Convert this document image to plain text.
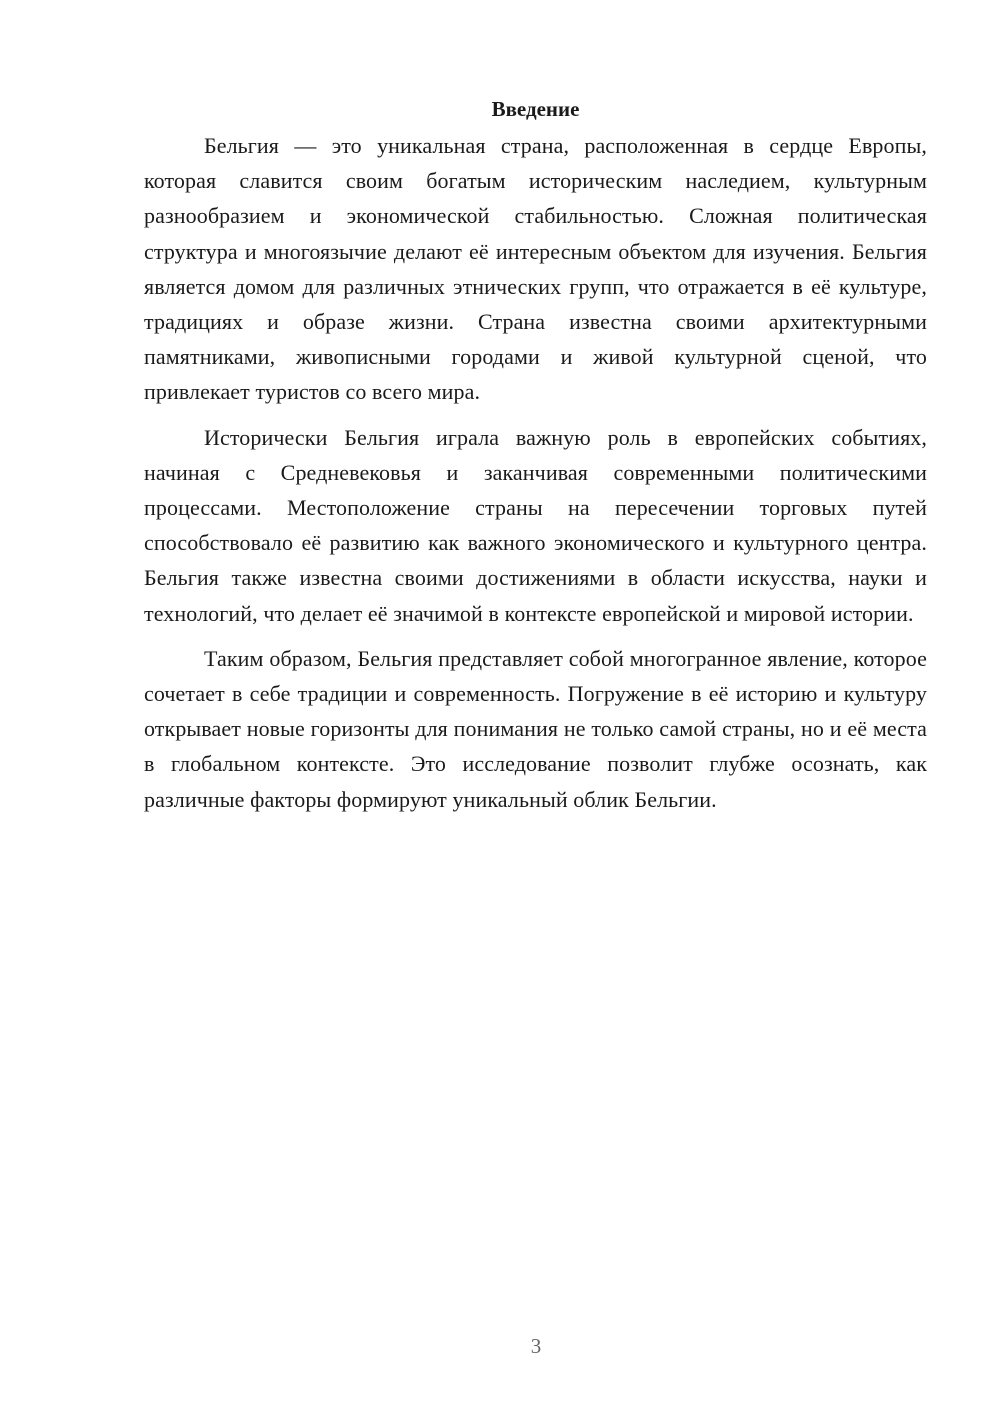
Введение

Бельгия — это уникальная страна, расположенная в сердце Европы, которая славится своим богатым историческим наследием, культурным разнообразием и экономической стабильностью. Сложная политическая структура и многоязычие делают её интересным объектом для изучения. Бельгия является домом для различных этнических групп, что отражается в её культуре, традициях и образе жизни. Страна известна своими архитектурными памятниками, живописными городами и живой культурной сценой, что привлекает туристов со всего мира.

Исторически Бельгия играла важную роль в европейских событиях, начиная с Средневековья и заканчивая современными политическими процессами. Местоположение страны на пересечении торговых путей способствовало её развитию как важного экономического и культурного центра. Бельгия также известна своими достижениями в области искусства, науки и технологий, что делает её значимой в контексте европейской и мировой истории.

Таким образом, Бельгия представляет собой многогранное явление, которое сочетает в себе традиции и современность. Погружение в её историю и культуру открывает новые горизонты для понимания не только самой страны, но и её места в глобальном контексте. Это исследование позволит глубже осознать, как различные факторы формируют уникальный облик Бельгии.

3
